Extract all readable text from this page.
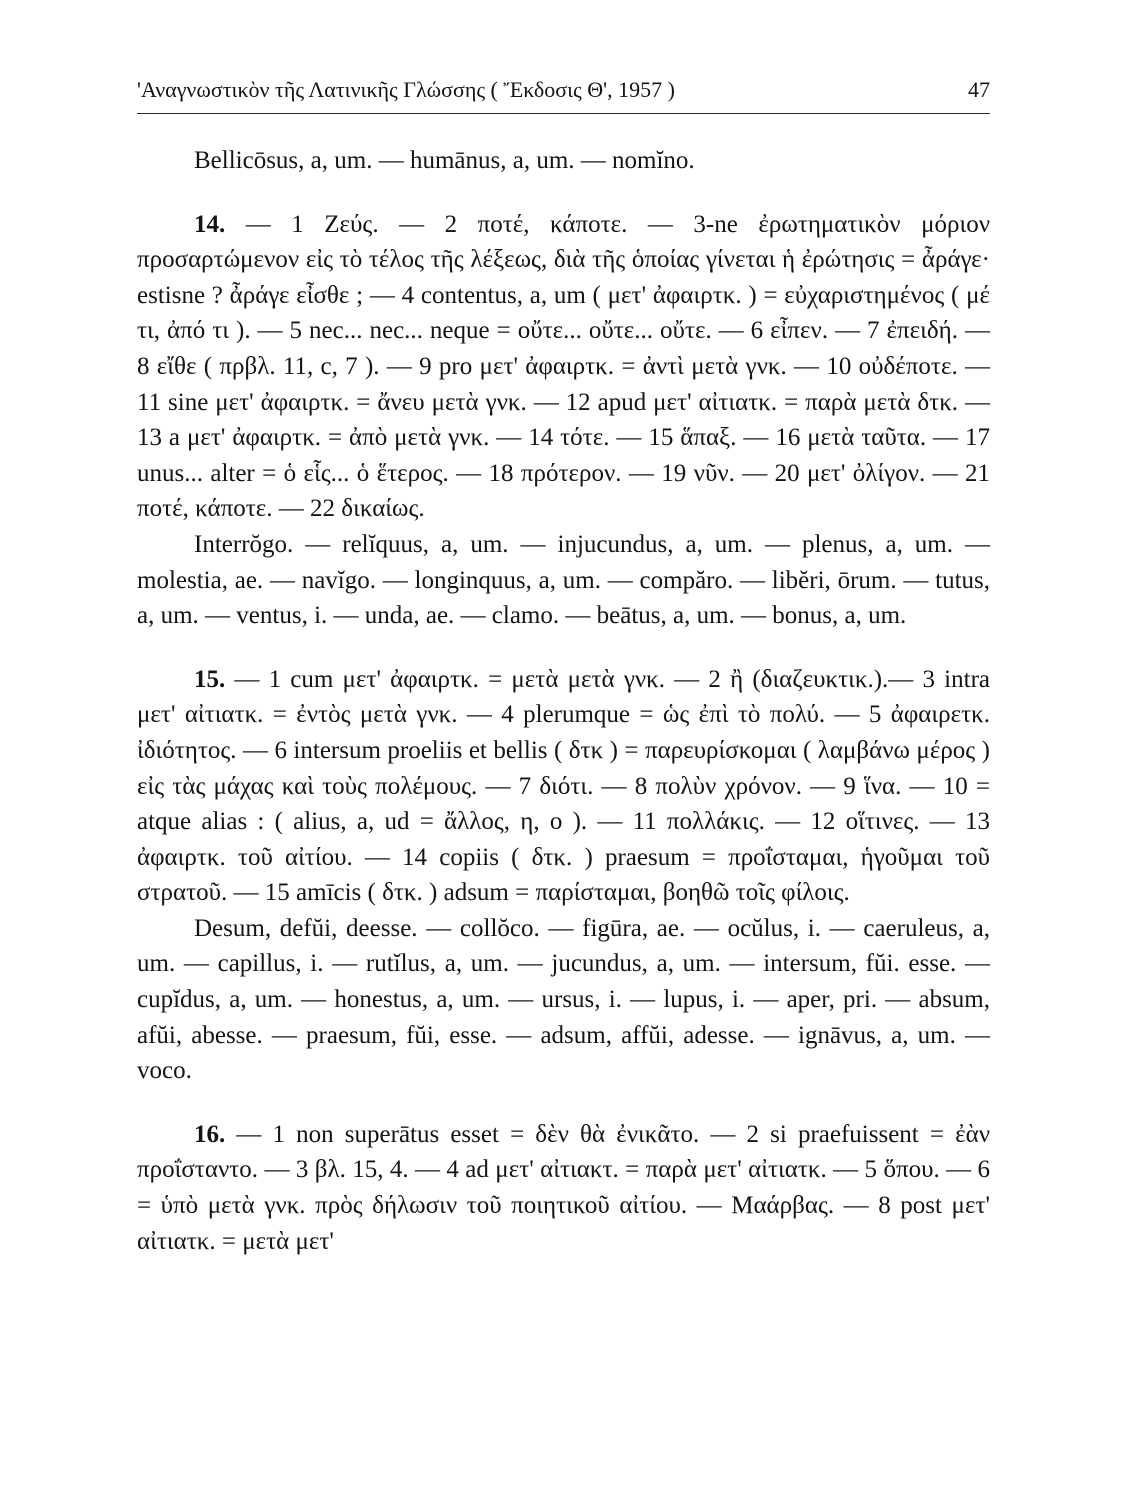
'Αναγνωστικὸν τῆς Λατινικῆς Γλώσσης ( Ἔκδοσις Θ', 1957 )	47

Bellicōsus, a, um. — humānus, a, um. — nomĭno.

14. — 1 Ζεύς. — 2 ποτέ, κάποτε. — 3-ne ἐρωτηματικὸν μόριον προσαρτώμενον εἰς τὸ τέλος τῆς λέξεως, διὰ τῆς ὁποίας γίνεται ἡ ἐρώτησις = ἆράγε· estisne ? ἆράγε εἶσθε ; — 4 contentus, a, um ( μετ' ἀφαιρτκ. ) = εὐχαριστημένος ( μέ τι, ἀπό τι ). — 5 nec... nec... neque = οὔτε... οὔτε... οὔτε. — 6 εἶπεν. — 7 ἐπειδή. — 8 εἴθε ( πρβλ. 11, c, 7 ). — 9 pro μετ' ἀφαιρτκ. = ἀντὶ μετὰ γνκ. — 10 οὐδέποτε. — 11 sine μετ' ἀφαιρτκ. = ἄνευ μετὰ γνκ. — 12 apud μετ' αἰτιατκ. = παρὰ μετὰ δτκ. — 13 a μετ' ἀφαιρτκ. = ἀπὸ μετὰ γνκ. — 14 τότε. — 15 ἅπαξ. — 16 μετὰ ταῦτα. — 17 unus... alter = ὁ εἷς... ὁ ἕτερος. — 18 πρότερον. — 19 νῦν. — 20 μετ' ὀλίγον. — 21 ποτέ, κάποτε. — 22 δικαίως.

Interrŏgo. — relĭquus, a, um. — injucundus, a, um. — plenus, a, um. — molestia, ae. — navĭgo. — longinquus, a, um. — compăro. — libĕri, ōrum. — tutus, a, um. — ventus, i. — unda, ae. — clamo. — beātus, a, um. — bonus, a, um.

15. — 1 cum μετ' ἀφαιρτκ. = μετὰ μετὰ γνκ. — 2 ἢ (διαζευκτικ.).— 3 intra μετ' αἰτιατκ. = ἐντὸς μετὰ γνκ. — 4 plerumque = ὡς ἐπὶ τὸ πολύ. — 5 ἀφαιρετκ. ἰδιότητος. — 6 intersum proeliis et bellis ( δτκ ) = παρευρίσκομαι ( λαμβάνω μέρος ) εἰς τὰς μάχας καὶ τοὺς πολέμους. — 7 διότι. — 8 πολὺν χρόνον. — 9 ἵνα. — 10 = atque alias : ( alius, a, ud = ἄλλος, η, ο ). — 11 πολλάκις. — 12 οἵτινες. — 13 ἀφαιρτκ. τοῦ αἰτίου. — 14 copiis ( δτκ. ) praesum = προΐσταμαι, ἡγοῦμαι τοῦ στρατοῦ. — 15 amīcis ( δτκ. ) adsum = παρίσταμαι, βοηθῶ τοῖς φίλοις.

Desum, defŭi, deesse. — collŏco. — figūra, ae. — ocŭlus, i. — caeruleus, a, um. — capillus, i. — rutĭlus, a, um. — jucundus, a, um. — intersum, fŭi. esse. — cupĭdus, a, um. — honestus, a, um. — ursus, i. — lupus, i. — aper, pri. — absum, afŭi, abesse. — praesum, fŭi, esse. — adsum, affŭi, adesse. — ignāvus, a, um. — voco.

16. — 1 non superātus esset = δὲν θὰ ἐνικᾶτο. — 2 si praefuissent = ἐὰν προΐσταντο. — 3 βλ. 15, 4. — 4 ad μετ' αἰτιακτ. = παρὰ μετ' αἰτιατκ. — 5 ὅπου. — 6 = ὑπὸ μετὰ γνκ. πρὸς δήλωσιν τοῦ ποιητικοῦ αἰτίου. — Μαάρβας. — 8 post μετ' αἰτιατκ. = μετὰ μετ'
